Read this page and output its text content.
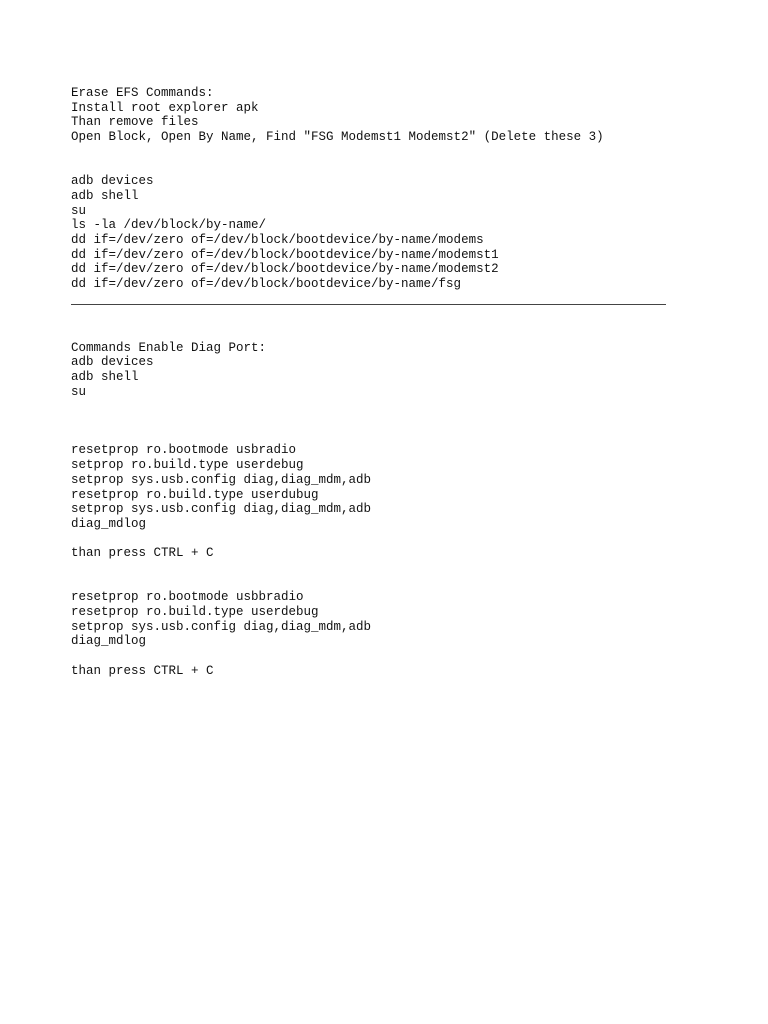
Erase EFS Commands:
Install root explorer apk
Than remove files
Open Block, Open By Name, Find "FSG Modemst1 Modemst2" (Delete these 3)
adb devices
adb shell
su
ls -la /dev/block/by-name/
dd if=/dev/zero of=/dev/block/bootdevice/by-name/modems
dd if=/dev/zero of=/dev/block/bootdevice/by-name/modemst1
dd if=/dev/zero of=/dev/block/bootdevice/by-name/modemst2
dd if=/dev/zero of=/dev/block/bootdevice/by-name/fsg
Commands Enable Diag Port:
adb devices
adb shell
su
resetprop ro.bootmode usbradio
setprop ro.build.type userdebug
setprop sys.usb.config diag,diag_mdm,adb
resetprop ro.build.type userdubug
setprop sys.usb.config diag,diag_mdm,adb
diag_mdlog
than press CTRL + C
resetprop ro.bootmode usbbradio
resetprop ro.build.type userdebug
setprop sys.usb.config diag,diag_mdm,adb
diag_mdlog
than press CTRL + C
